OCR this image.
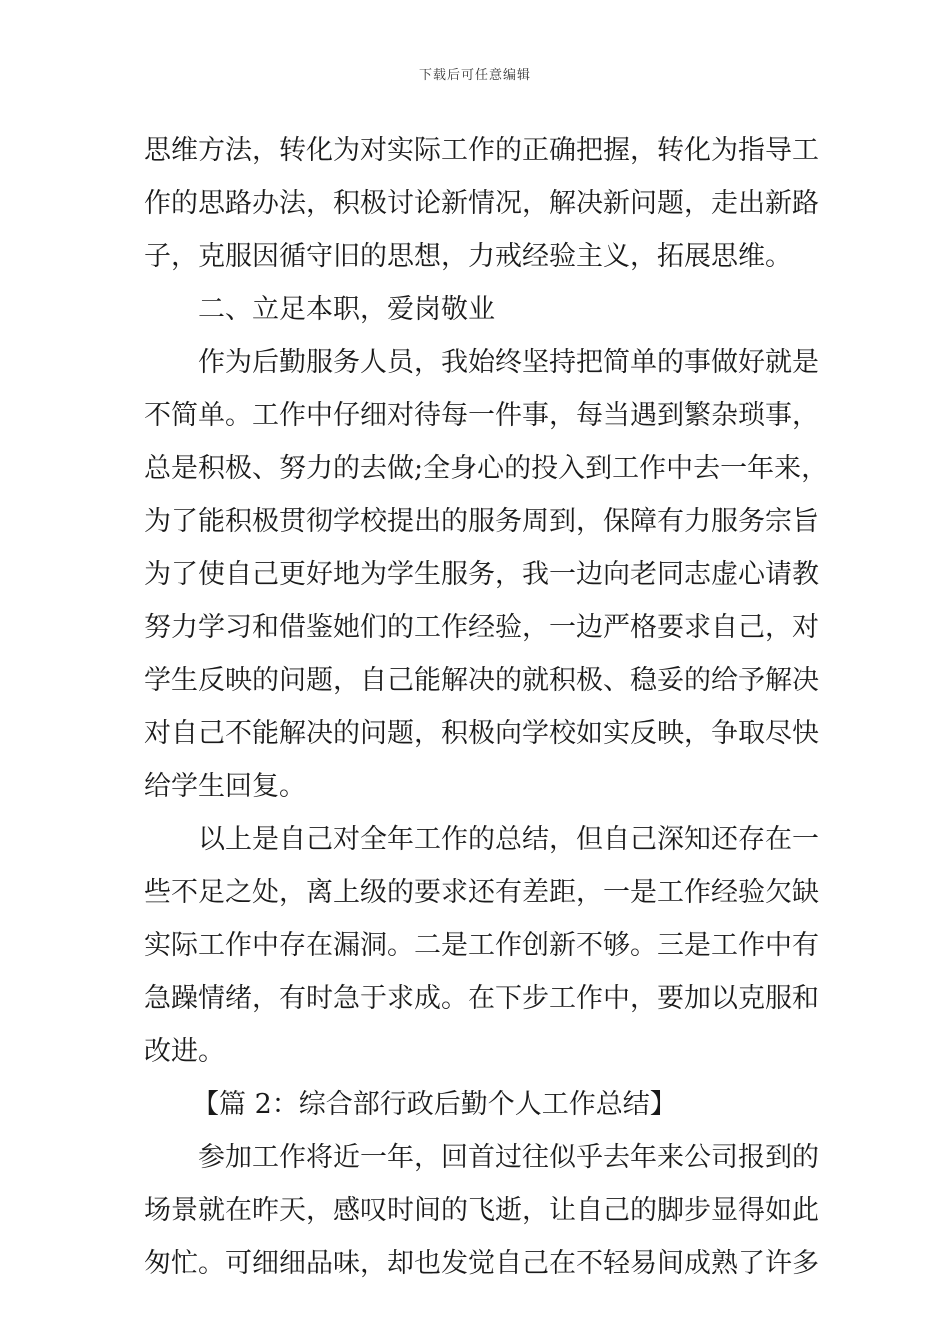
下载后可任意编辑
思维方法，转化为对实际工作的正确把握，转化为指导工
作的思路办法，积极讨论新情况，解决新问题，走出新路
子，克服因循守旧的思想，力戒经验主义，拓展思维。
二、立足本职，爱岗敬业
作为后勤服务人员，我始终坚持把简单的事做好就是
不简单。工作中仔细对待每一件事，每当遇到繁杂琐事，
总是积极、努力的去做;全身心的投入到工作中去一年来，
为了能积极贯彻学校提出的服务周到，保障有力服务宗旨
为了使自己更好地为学生服务，我一边向老同志虚心请教
努力学习和借鉴她们的工作经验，一边严格要求自己，对
学生反映的问题，自己能解决的就积极、稳妥的给予解决
对自己不能解决的问题，积极向学校如实反映，争取尽快
给学生回复。
以上是自己对全年工作的总结，但自己深知还存在一
些不足之处，离上级的要求还有差距，一是工作经验欠缺
实际工作中存在漏洞。二是工作创新不够。三是工作中有
急躁情绪，有时急于求成。在下步工作中，要加以克服和
改进。
【篇 2：综合部行政后勤个人工作总结】
参加工作将近一年，回首过往似乎去年来公司报到的
场景就在昨天，感叹时间的飞逝，让自己的脚步显得如此
匆忙。可细细品味，却也发觉自己在不轻易间成熟了许多
